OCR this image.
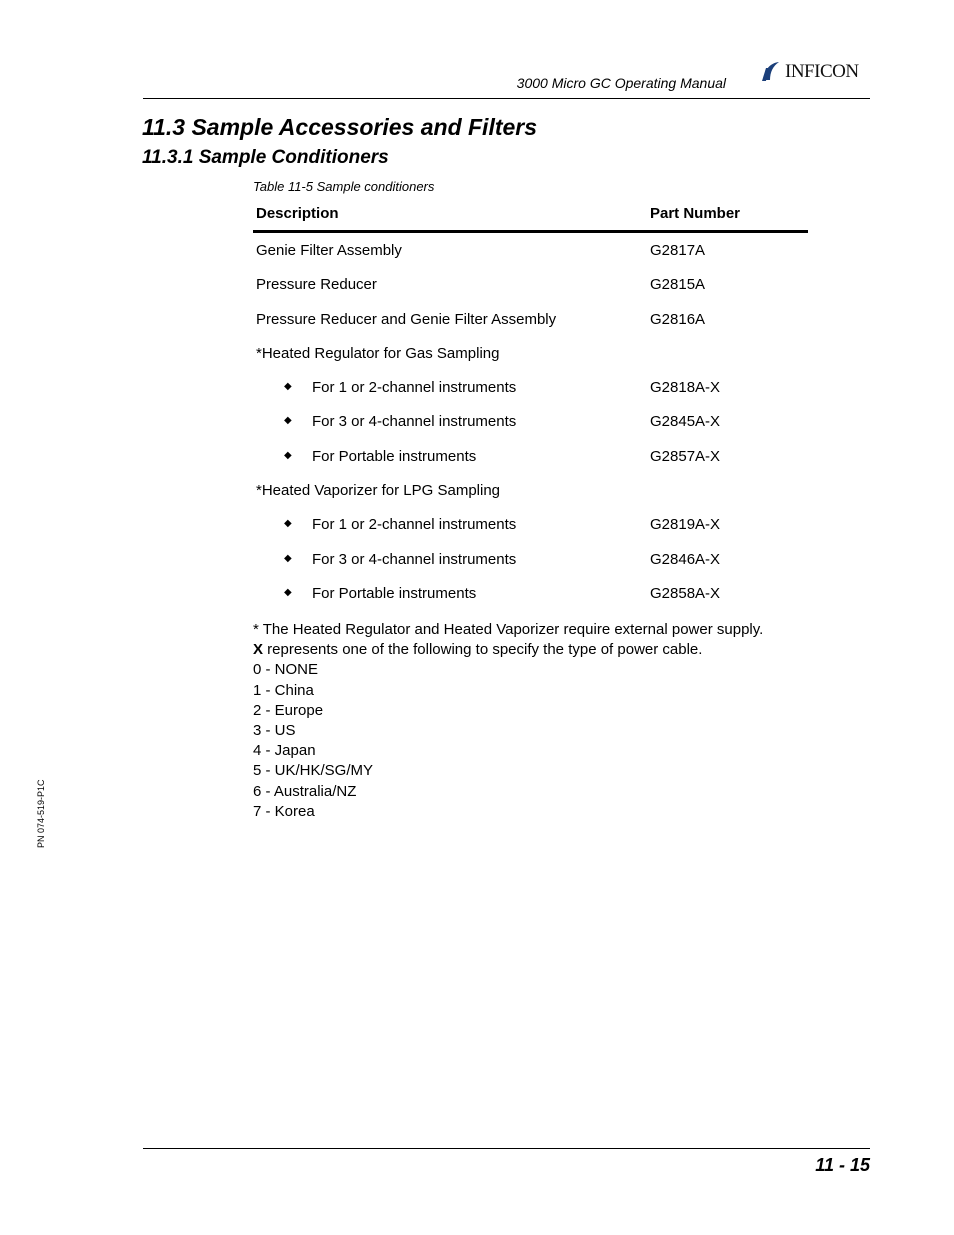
3000 Micro GC Operating Manual
INFICON
11.3 Sample Accessories and Filters
11.3.1 Sample Conditioners
Table 11-5 Sample conditioners
Description	Part Number
Genie Filter Assembly	G2817A
Pressure Reducer	G2815A
Pressure Reducer and Genie Filter Assembly	G2816A
*Heated Regulator for Gas Sampling
◆ For 1 or 2-channel instruments	G2818A-X
◆ For 3 or 4-channel instruments	G2845A-X
◆ For Portable instruments	G2857A-X
*Heated Vaporizer for LPG Sampling
◆ For 1 or 2-channel instruments	G2819A-X
◆ For 3 or 4-channel instruments	G2846A-X
◆ For Portable instruments	G2858A-X
* The Heated Regulator and Heated Vaporizer require external power supply.
X represents one of the following to specify the type of power cable.
0 - NONE
1 - China
2 - Europe
3 - US
4 - Japan
5 - UK/HK/SG/MY
6 - Australia/NZ
7 - Korea
PN 074-519-P1C
11 - 15
